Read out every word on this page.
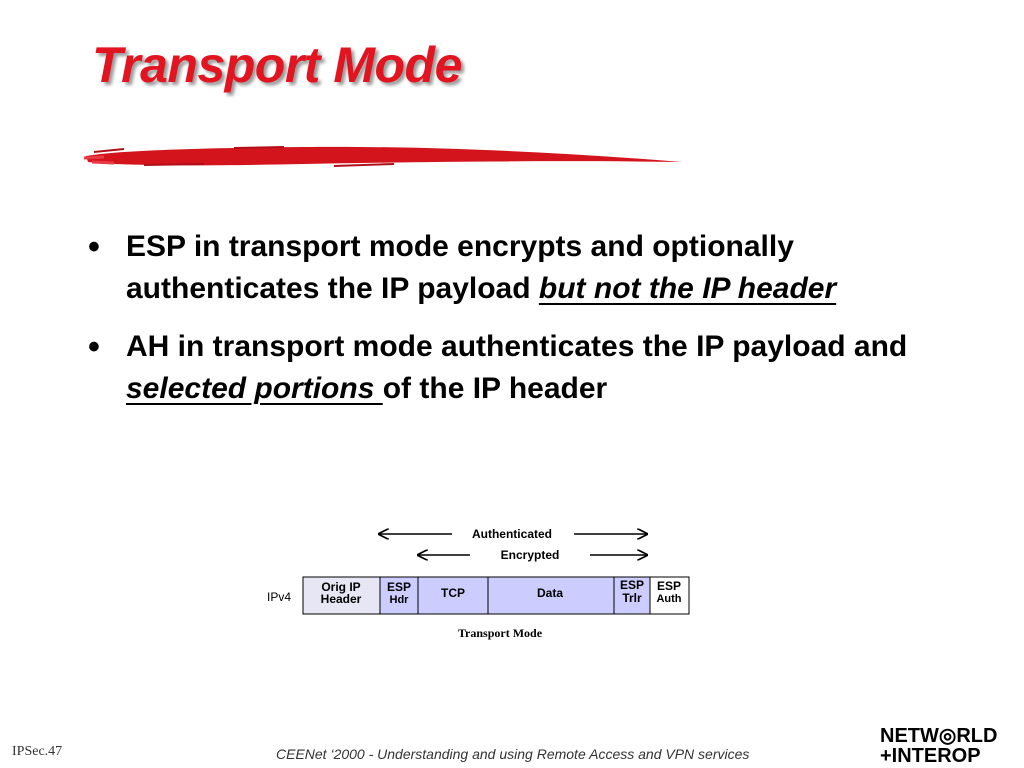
Transport Mode
• ESP in transport mode encrypts and optionally authenticates the IP payload but not the IP header
• AH in transport mode authenticates the IP payload and selected portions of the IP header
Authenticated
Encrypted
IPv4
Orig IP
Header
ESP
Hdr	TCP	Data
ESP
Trlr
ESP
Auth
Transport Mode
IPSec.47	CEENet ‘2000 - Understanding and using Remote Access and VPN services
NETW◎RLD
+INTEROP
